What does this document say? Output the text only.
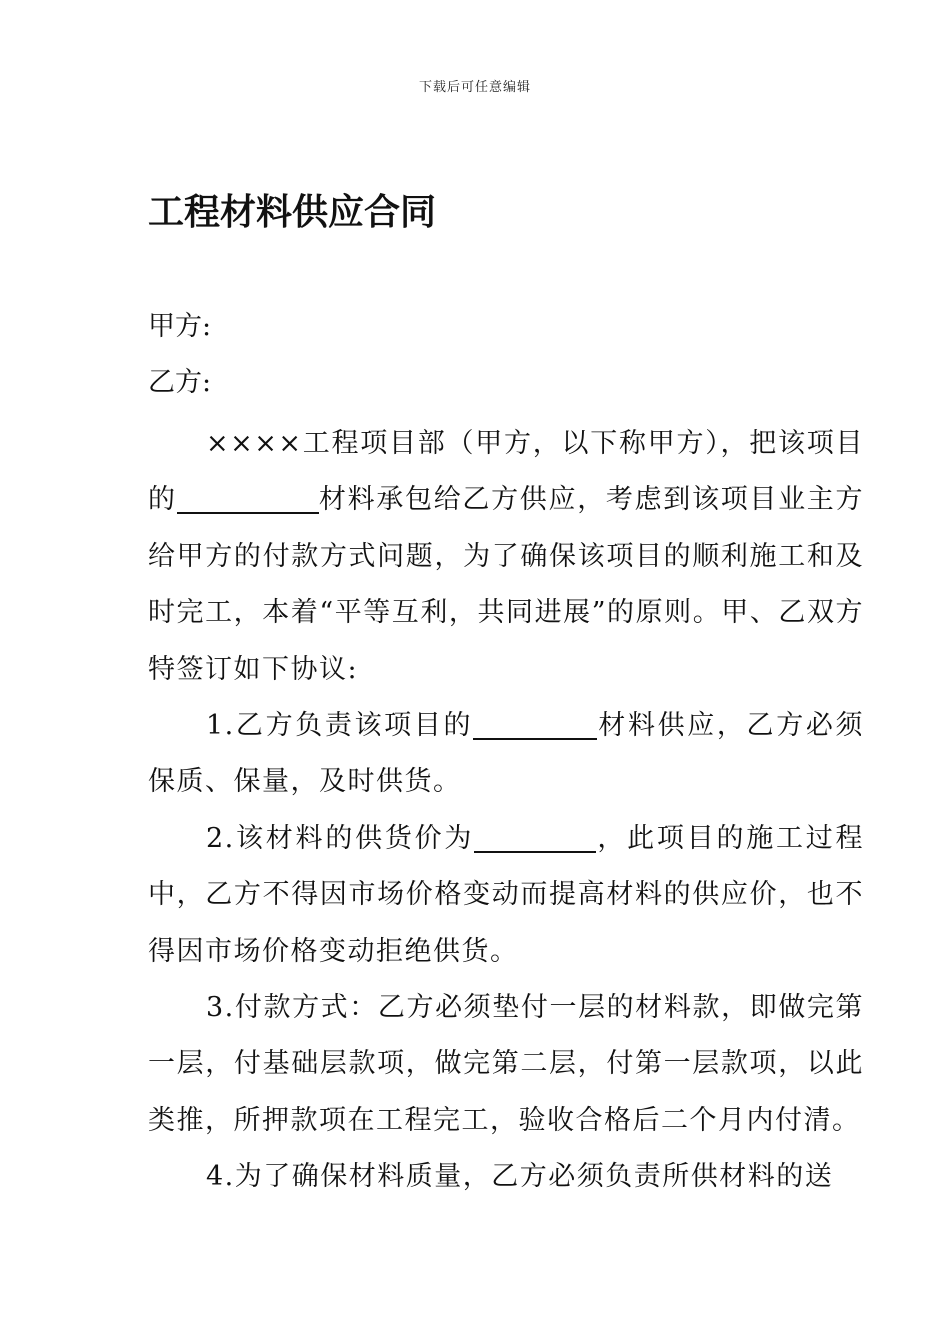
下载后可任意编辑
工程材料供应合同
甲方:
乙方:

××××工程项目部（甲方，以下称甲方），把该项目的	材料承包给乙方供应，考虑到该项目业主方给甲方的付款方式问题，为了确保该项目的顺利施工和及时完工，本着“平等互利，共同进展”的原则。甲、乙双方特签订如下协议:

1.乙方负责该项目的	材料供应，乙方必须保质、保量，及时供货。

2.该材料的供货价为	，此项目的施工过程中，乙方不得因市场价格变动而提高材料的供应价，也不得因市场价格变动拒绝供货。

3.付款方式：乙方必须垫付一层的材料款，即做完第一层，付基础层款项，做完第二层，付第一层款项，以此类推，所押款项在工程完工，验收合格后二个月内付清。

4.为了确保材料质量，乙方必须负责所供材料的送
